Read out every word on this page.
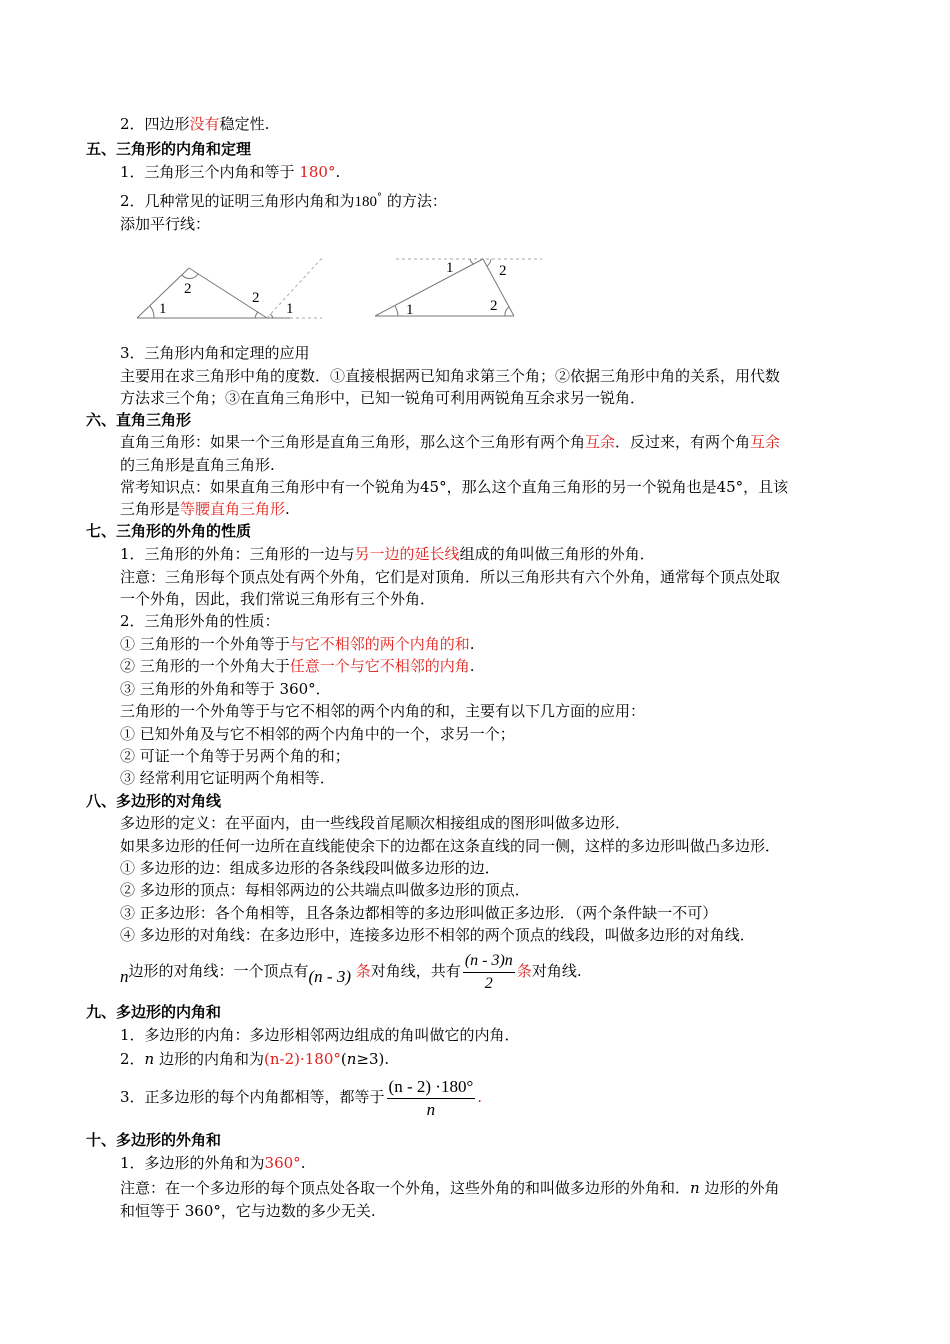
2．四边形没有稳定性.
五、三角形的内角和定理
1．三角形三个内角和等于 180°.
2．几种常见的证明三角形内角和为180° 的方法：
添加平行线：
1
2
2
1
1	2
1	2
3．三角形内角和定理的应用
主要用在求三角形中角的度数．①直接根据两已知角求第三个角；②依据三角形中角的关系，用代数
方法求三个角；③在直角三角形中，已知一锐角可利用两锐角互余求另一锐角．
六、直角三角形
直角三角形：如果一个三角形是直角三角形，那么这个三角形有两个角互余．反过来，有两个角互余
的三角形是直角三角形.
常考知识点：如果直角三角形中有一个锐角为45°，那么这个直角三角形的另一个锐角也是45°，且该
三角形是等腰直角三角形.
七、三角形的外角的性质
1．三角形的外角：三角形的一边与另一边的延长线组成的角叫做三角形的外角．
注意：三角形每个顶点处有两个外角，它们是对顶角．所以三角形共有六个外角，通常每个顶点处取
一个外角，因此，我们常说三角形有三个外角．
2．三角形外角的性质：
① 三角形的一个外角等于与它不相邻的两个内角的和.
② 三角形的一个外角大于任意一个与它不相邻的内角.
③ 三角形的外角和等于 360°．
三角形的一个外角等于与它不相邻的两个内角的和，主要有以下几方面的应用：
① 已知外角及与它不相邻的两个内角中的一个，求另一个；
② 可证一个角等于另两个角的和；
③ 经常利用它证明两个角相等．
八、多边形的对角线
多边形的定义：在平面内，由一些线段首尾顺次相接组成的图形叫做多边形．
如果多边形的任何一边所在直线能使余下的边都在这条直线的同一侧，这样的多边形叫做凸多边形．
① 多边形的边：组成多边形的各条线段叫做多边形的边．
② 多边形的顶点：每相邻两边的公共端点叫做多边形的顶点．
③ 正多边形：各个角相等，且各条边都相等的多边形叫做正多边形．（两个条件缺一不可）
④ 多边形的对角线：在多边形中，连接多边形不相邻的两个顶点的线段，叫做多边形的对角线．
n边形的对角线：一个顶点有(n - 3) 条对角线，共有 $\frac{(n - 3)n}{2}$ 条对角线.
九、多边形的内角和
1．多边形的内角：多边形相邻两边组成的角叫做它的内角．
2．n 边形的内角和为(n-2)·180°(n≥3).
3．正多边形的每个内角都相等，都等于 $\frac{(n - 2) \cdot 180^\circ}{n}$ .
十、多边形的外角和
1．多边形的外角和为360°.
注意：在一个多边形的每个顶点处各取一个外角，这些外角的和叫做多边形的外角和．n 边形的外角
和恒等于 360°，它与边数的多少无关.
